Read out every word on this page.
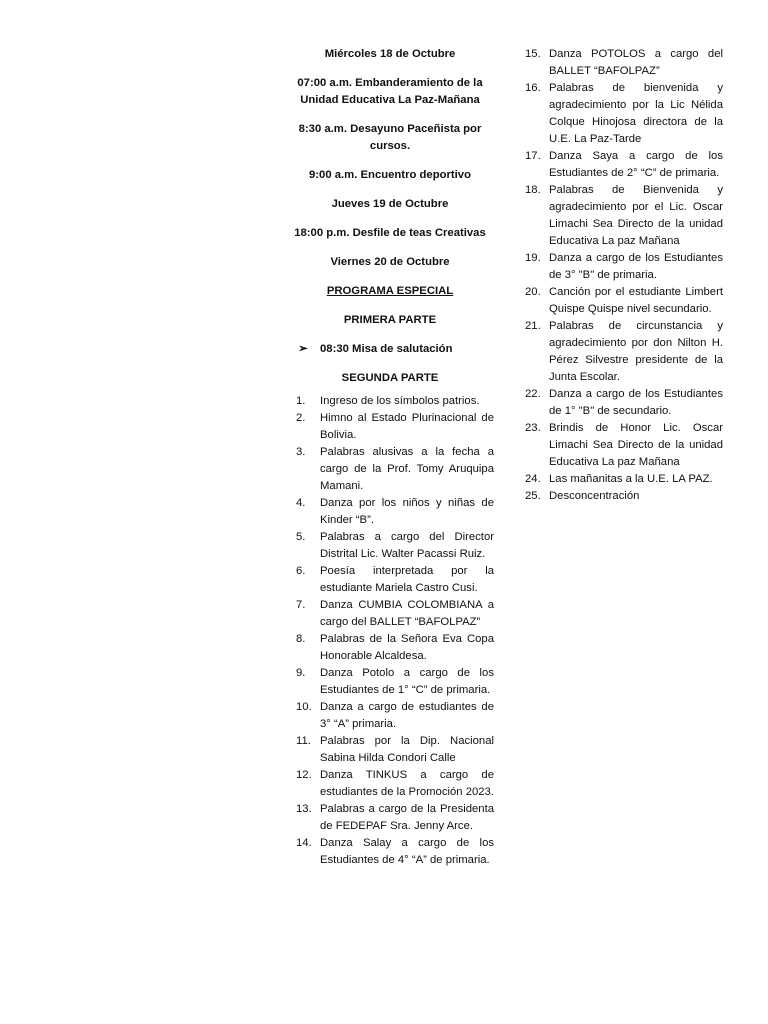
Miércoles 18 de Octubre

07:00 a.m. Embanderamiento de la Unidad Educativa La Paz-Mañana

8:30 a.m. Desayuno Paceñista por cursos.

9:00 a.m. Encuentro deportivo

Jueves 19 de Octubre

18:00 p.m. Desfile de teas Creativas

Viernes 20 de Octubre

PROGRAMA ESPECIAL

PRIMERA PARTE

➢	08:30 Misa de salutación

SEGUNDA PARTE

1.	Ingreso de los símbolos patrios.
2.	Himno al Estado Plurinacional de Bolivia.
3.	Palabras alusivas a la fecha a cargo de la Prof. Tomy Aruquipa Mamani.
4.	Danza por los niños y niñas de Kinder “B”.
5.	Palabras a cargo del Director Distrital Lic. Walter Pacassi Ruiz.
6.	Poesía interpretada por la estudiante Mariela Castro Cusi.
7.	Danza CUMBIA COLOMBIANA a cargo del BALLET “BAFOLPAZ”
8.	Palabras de la Señora Eva Copa Honorable Alcaldesa.
9.	Danza Potolo a cargo de los Estudiantes de 1° “C” de primaria.
10. Danza a cargo de estudiantes de 3° “A” primaria.
11. Palabras por la Dip. Nacional Sabina Hilda Condori Calle
12. Danza TINKUS a cargo de estudiantes de la Promoción 2023.
13. Palabras a cargo de la Presidenta de FEDEPAF Sra. Jenny Arce.
14. Danza Salay a cargo de los Estudiantes de 4° “A” de primaria.
15. Danza POTOLOS a cargo del BALLET “BAFOLPAZ”
16. Palabras de bienvenida y agradecimiento por la Lic Nélida Colque Hinojosa directora de la U.E. La Paz-Tarde
17. Danza Saya a cargo de los Estudiantes de 2° “C” de primaria.
18. Palabras de Bienvenida y agradecimiento por el Lic. Oscar Limachi Sea Directo de la unidad Educativa La paz Mañana
19. Danza a cargo de los Estudiantes de 3° "B" de primaria.
20. Canción por el estudiante Limbert Quispe Quispe nivel secundario.
21. Palabras de circunstancia y agradecimiento por don Nilton H. Pérez Silvestre presidente de la Junta Escolar.
22. Danza a cargo de los Estudiantes de 1° "B" de secundario.
23. Brindis de Honor Lic. Oscar Limachi Sea Directo de la unidad Educativa La paz Mañana
24. Las mañanitas a la U.E. LA PAZ.
25. Desconcentración
